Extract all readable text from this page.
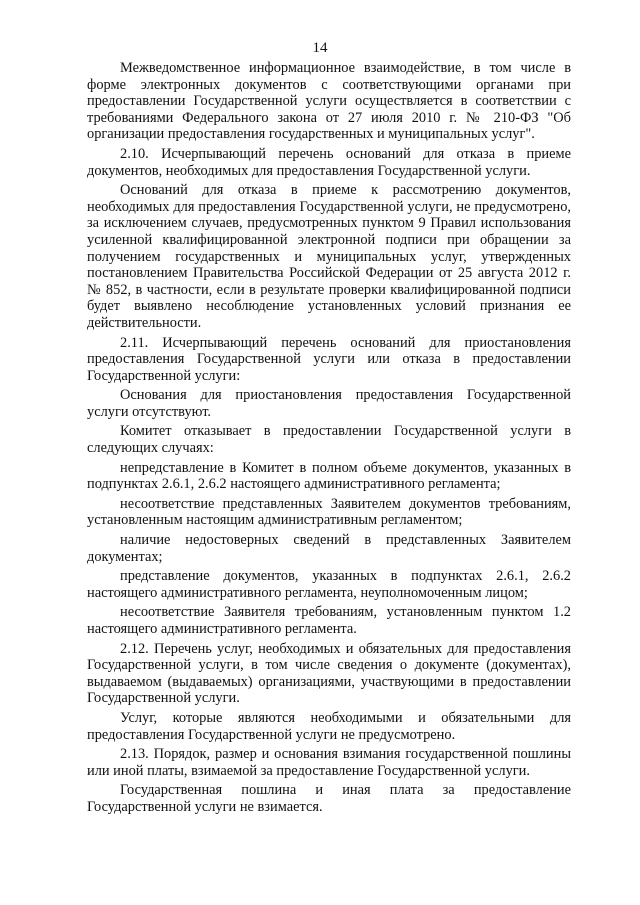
14

Межведомственное информационное взаимодействие, в том числе в форме электронных документов с соответствующими органами при предоставлении Государственной услуги осуществляется в соответствии с требованиями Федерального закона от 27 июля 2010 г. № 210-ФЗ "Об организации предоставления государственных и муниципальных услуг".

2.10. Исчерпывающий перечень оснований для отказа в приеме документов, необходимых для предоставления Государственной услуги.

Оснований для отказа в приеме к рассмотрению документов, необходимых для предоставления Государственной услуги, не предусмотрено, за исключением случаев, предусмотренных пунктом 9 Правил использования усиленной квалифицированной электронной подписи при обращении за получением государственных и муниципальных услуг, утвержденных постановлением Правительства Российской Федерации от 25 августа 2012 г. № 852, в частности, если в результате проверки квалифицированной подписи будет выявлено несоблюдение установленных условий признания ее действительности.

2.11. Исчерпывающий перечень оснований для приостановления предоставления Государственной услуги или отказа в предоставлении Государственной услуги:

Основания для приостановления предоставления Государственной услуги отсутствуют.

Комитет отказывает в предоставлении Государственной услуги в следующих случаях:

непредставление в Комитет в полном объеме документов, указанных в подпунктах 2.6.1, 2.6.2 настоящего административного регламента;

несоответствие представленных Заявителем документов требованиям, установленным настоящим административным регламентом;

наличие недостоверных сведений в представленных Заявителем документах;

представление документов, указанных в подпунктах 2.6.1, 2.6.2 настоящего административного регламента, неуполномоченным лицом;

несоответствие Заявителя требованиям, установленным пунктом 1.2 настоящего административного регламента.

2.12. Перечень услуг, необходимых и обязательных для предоставления Государственной услуги, в том числе сведения о документе (документах), выдаваемом (выдаваемых) организациями, участвующими в предоставлении Государственной услуги.

Услуг, которые являются необходимыми и обязательными для предоставления Государственной услуги не предусмотрено.

2.13. Порядок, размер и основания взимания государственной пошлины или иной платы, взимаемой за предоставление Государственной услуги.

Государственная пошлина и иная плата за предоставление Государственной услуги не взимается.
